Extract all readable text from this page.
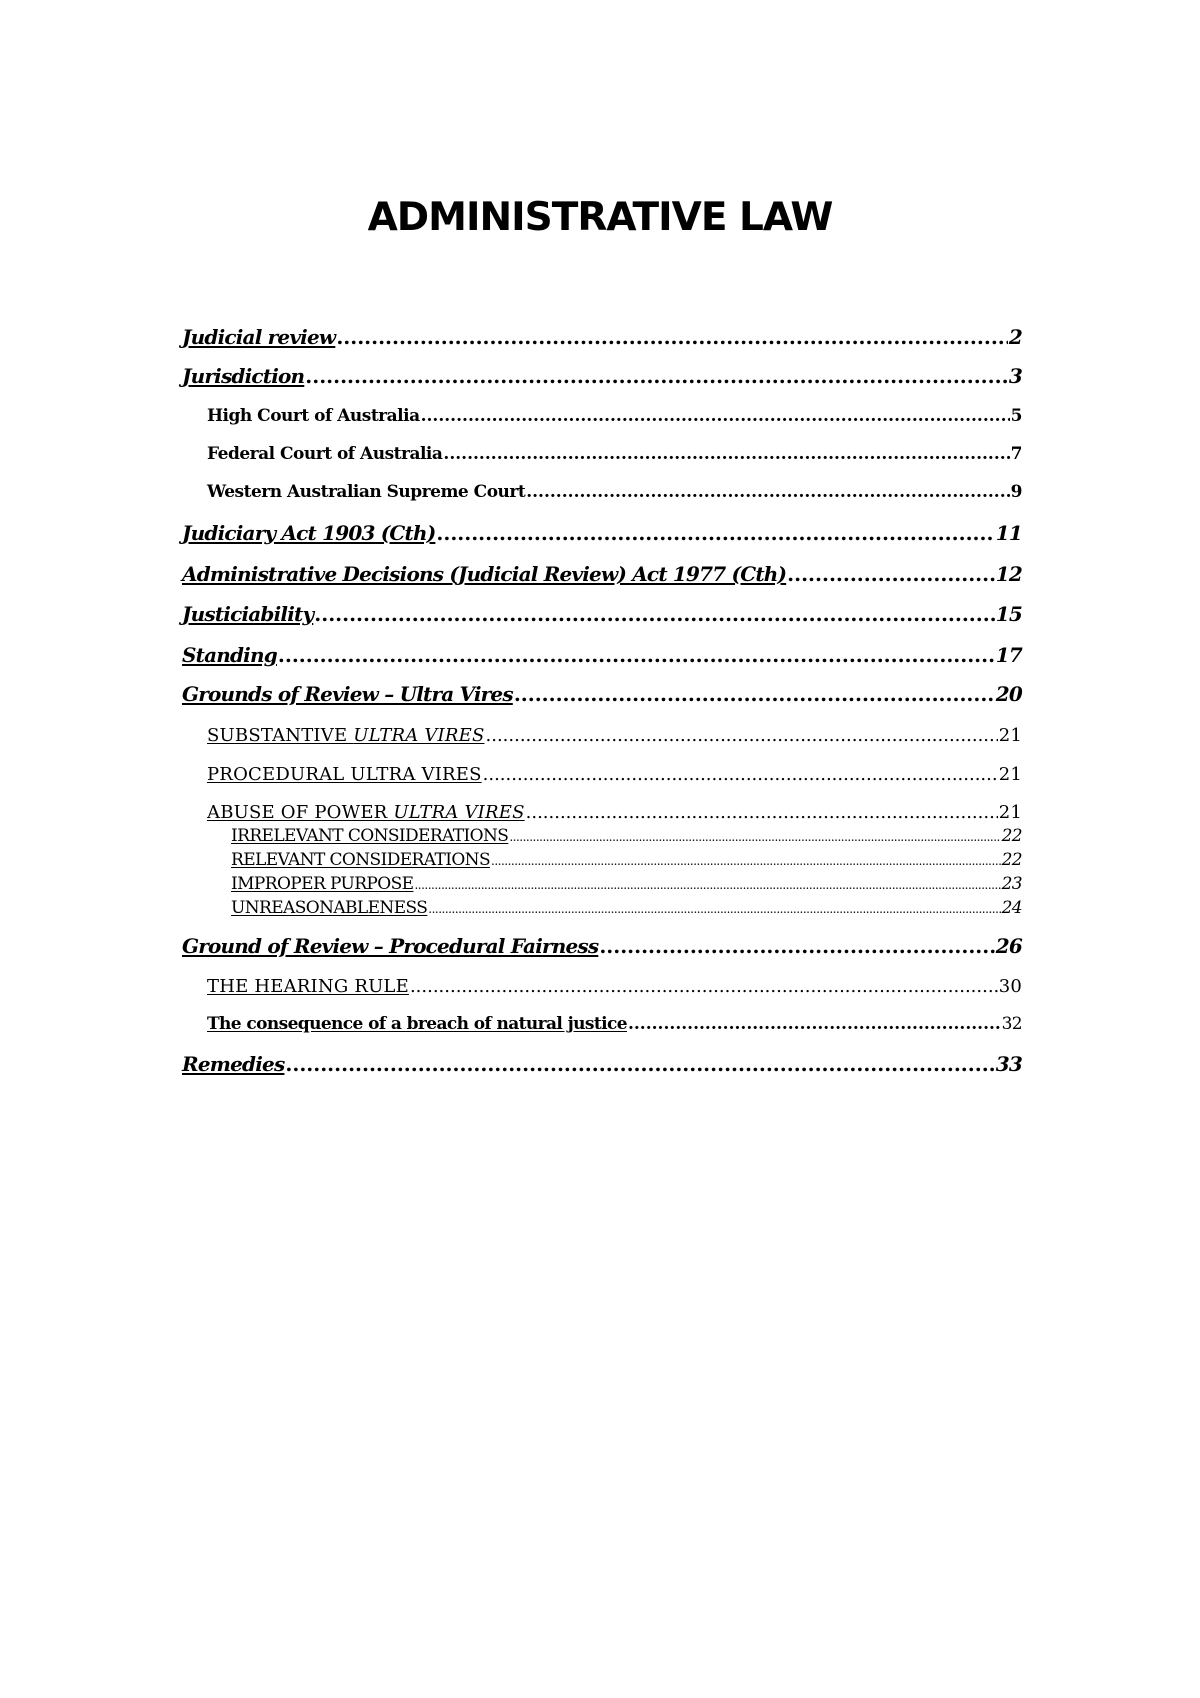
ADMINISTRATIVE LAW
Judicial review .....	2
Jurisdiction .....	3
High Court of Australia .....	5
Federal Court of Australia .....	7
Western Australian Supreme Court .....	9
Judiciary Act 1903 (Cth) .....	11
Administrative Decisions (Judicial Review) Act 1977 (Cth) .....	12
Justiciability .....	15
Standing .....	17
Grounds of Review – Ultra Vires .....	20
SUBSTANTIVE ULTRA VIRES .....	21
PROCEDURAL ULTRA VIRES .....	21
ABUSE OF POWER ULTRA VIRES .....	21
IRRELEVANT CONSIDERATIONS .....	22
RELEVANT CONSIDERATIONS .....	22
IMPROPER PURPOSE .....	23
UNREASONABLENESS .....	24
Ground of Review – Procedural Fairness .....	26
THE HEARING RULE .....	30
The consequence of a breach of natural justice .....	32
Remedies .....	33
